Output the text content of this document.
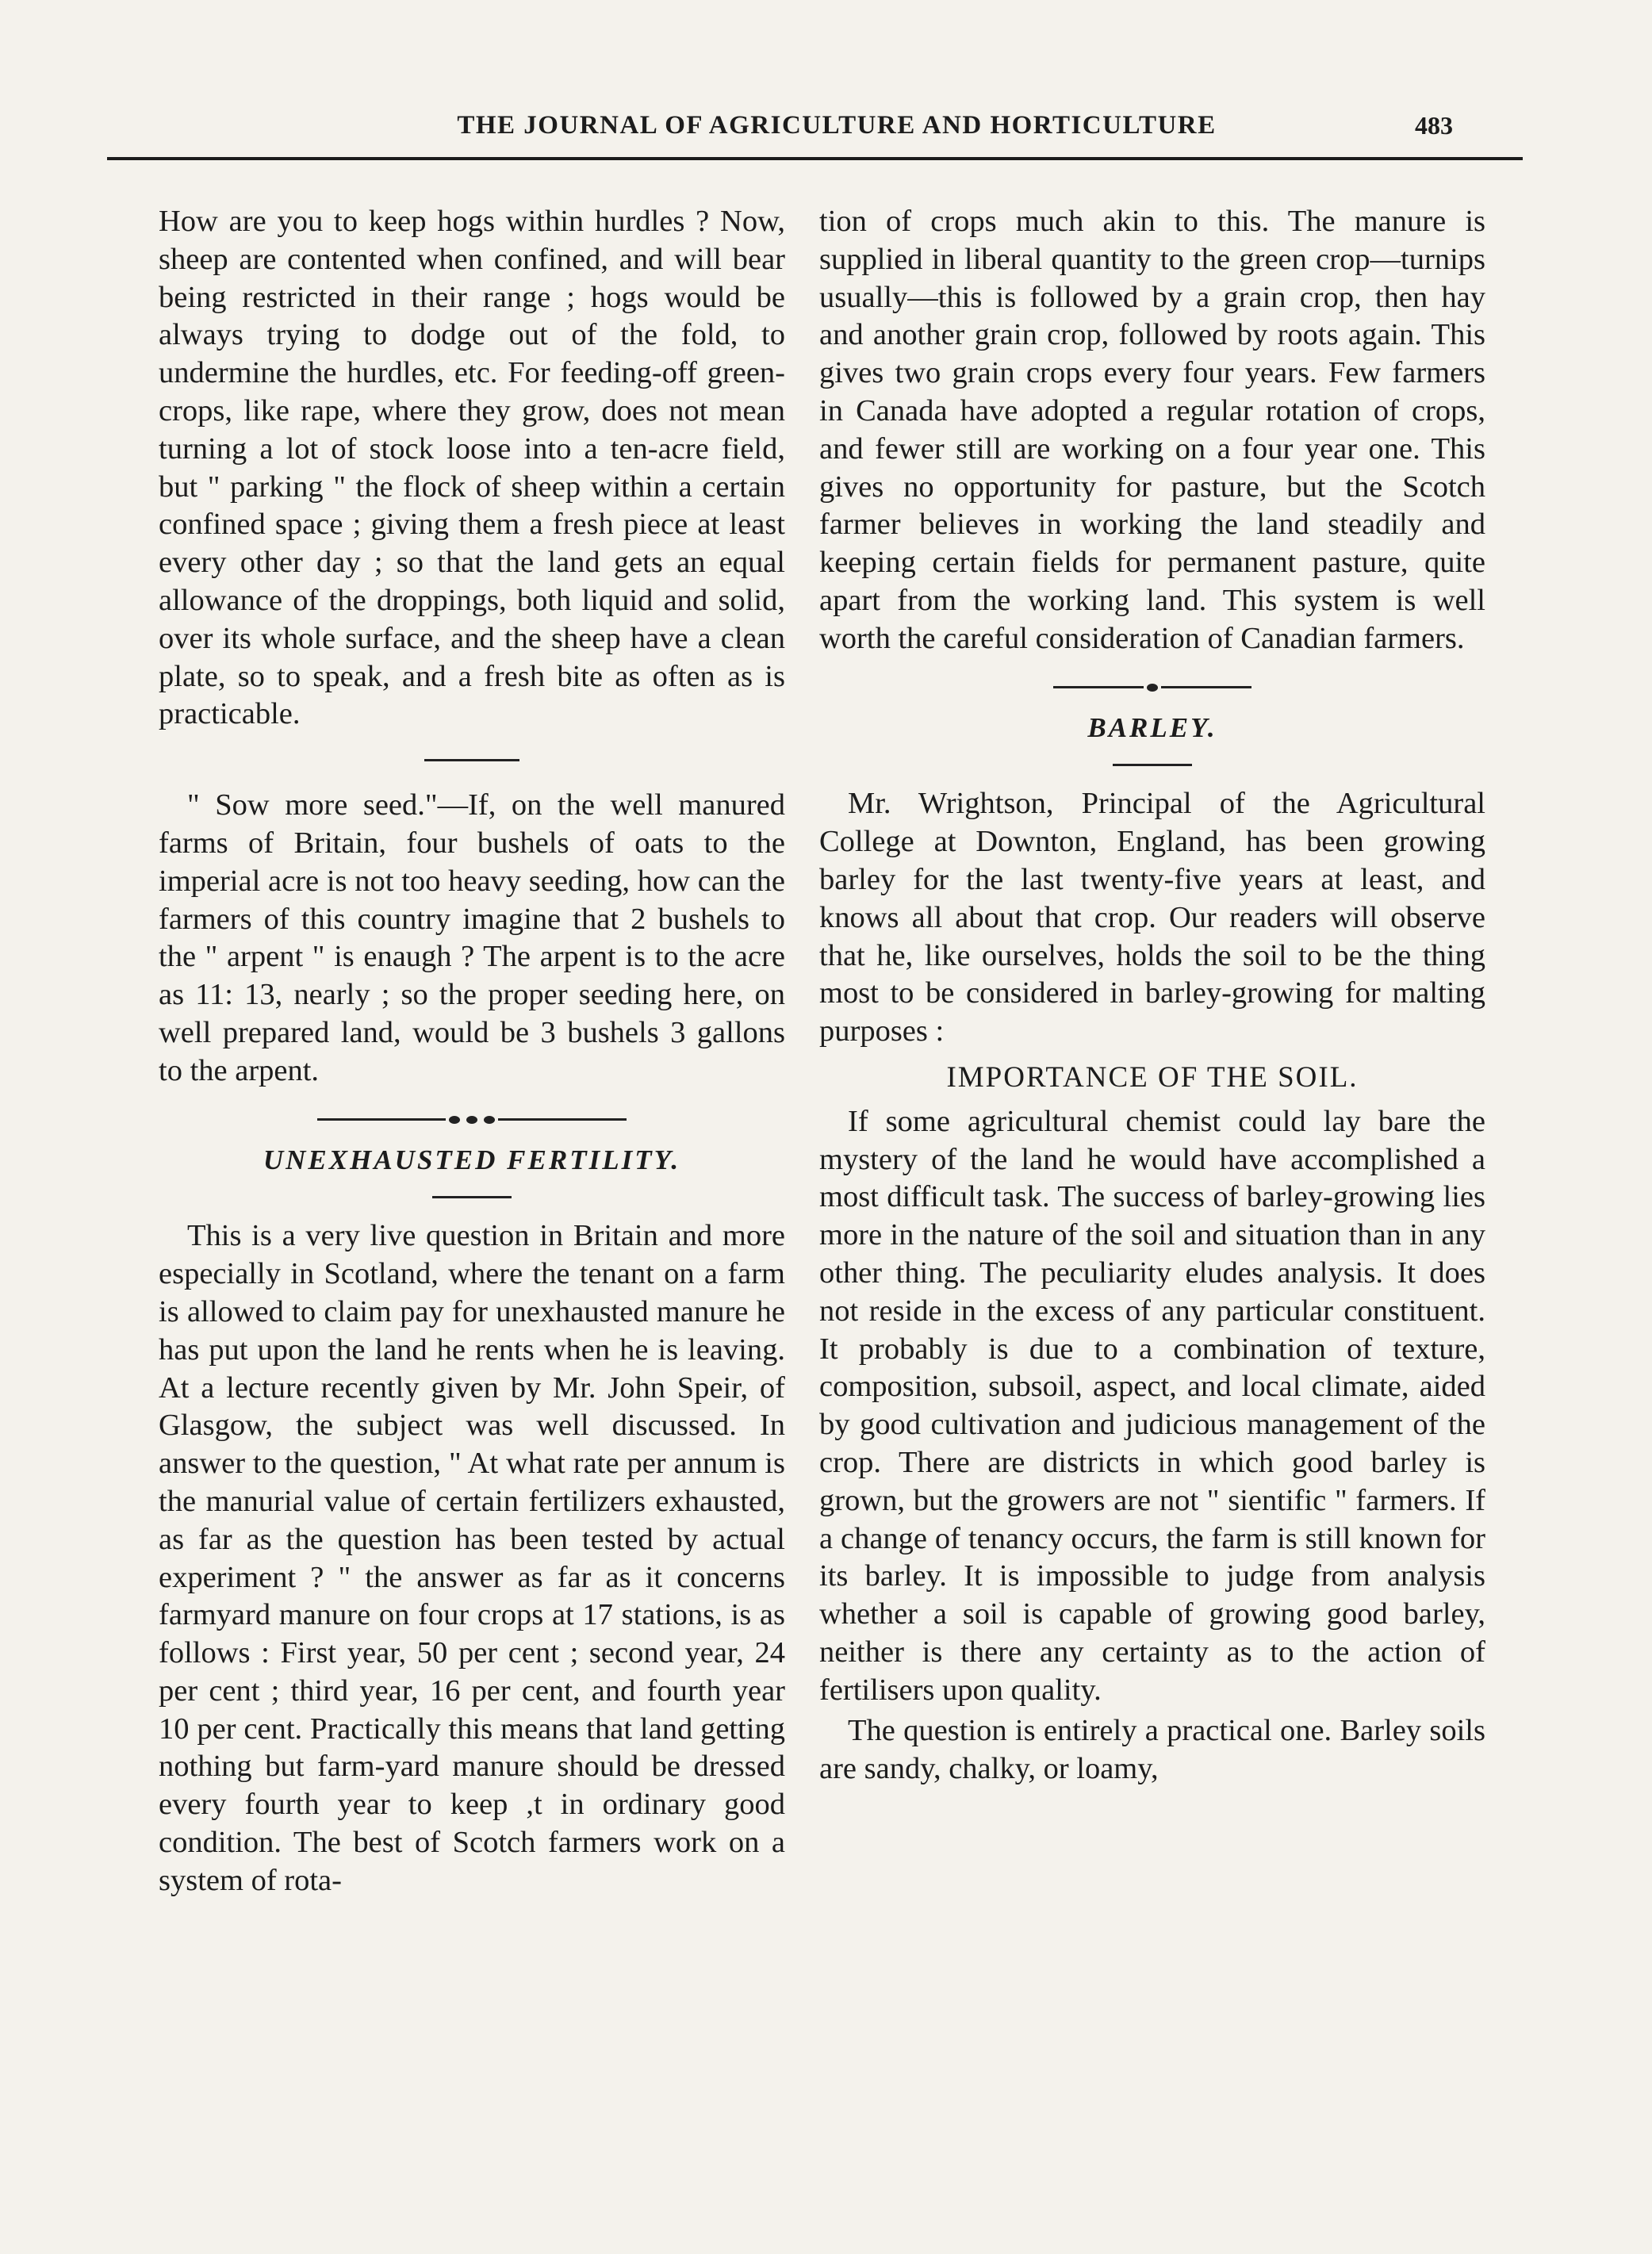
THE JOURNAL OF AGRICULTURE AND HORTICULTURE	483

How are you to keep hogs within hurdles ? Now, sheep are contented when confined, and will bear being restricted in their range ; hogs would be always trying to dodge out of the fold, to undermine the hurdles, etc. For feeding-off green-crops, like rape, where they grow, does not mean turning a lot of stock loose into a ten-acre field, but " parking " the flock of sheep within a certain confined space ; giving them a fresh piece at least every other day ; so that the land gets an equal allowance of the droppings, both liquid and solid, over its whole surface, and the sheep have a clean plate, so to speak, and a fresh bite as often as is practicable.

" Sow more seed."—If, on the well manured farms of Britain, four bushels of oats to the imperial acre is not too heavy seeding, how can the farmers of this country imagine that 2 bushels to the " arpent " is enaugh ? The arpent is to the acre as 11: 13, nearly ; so the proper seeding here, on well prepared land, would be 3 bushels 3 gallons to the arpent.

UNEXHAUSTED FERTILITY.

This is a very live question in Britain and more especially in Scotland, where the tenant on a farm is allowed to claim pay for unexhausted manure he has put upon the land he rents when he is leaving. At a lecture recently given by Mr. John Speir, of Glasgow, the subject was well discussed. In answer to the question, " At what rate per annum is the manurial value of certain fertilizers exhausted, as far as the question has been tested by actual experiment ? " the answer as far as it concerns farmyard manure on four crops at 17 stations, is as follows : First year, 50 per cent ; second year, 24 per cent ; third year, 16 per cent, and fourth year 10 per cent. Practically this means that land getting nothing but farm-yard manure should be dressed every fourth year to keep ,t in ordinary good condition. The best of Scotch farmers work on a system of rota-

tion of crops much akin to this. The manure is supplied in liberal quantity to the green crop—turnips usually—this is followed by a grain crop, then hay and another grain crop, followed by roots again. This gives two grain crops every four years. Few farmers in Canada have adopted a regular rotation of crops, and fewer still are working on a four year one. This gives no opportunity for pasture, but the Scotch farmer believes in working the land steadily and keeping certain fields for permanent pasture, quite apart from the working land. This system is well worth the careful consideration of Canadian farmers.

BARLEY.

Mr. Wrightson, Principal of the Agricultural College at Downton, England, has been growing barley for the last twenty-five years at least, and knows all about that crop. Our readers will observe that he, like ourselves, holds the soil to be the thing most to be considered in barley-growing for malting purposes :

IMPORTANCE OF THE SOIL.

If some agricultural chemist could lay bare the mystery of the land he would have accomplished a most difficult task. The success of barley-growing lies more in the nature of the soil and situation than in any other thing. The peculiarity eludes analysis. It does not reside in the excess of any particular constituent. It probably is due to a combination of texture, composition, subsoil, aspect, and local climate, aided by good cultivation and judicious management of the crop. There are districts in which good barley is grown, but the growers are not " sientific " farmers. If a change of tenancy occurs, the farm is still known for its barley. It is impossible to judge from analysis whether a soil is capable of growing good barley, neither is there any certainty as to the action of fertilisers upon quality.

The question is entirely a practical one. Barley soils are sandy, chalky, or loamy,
